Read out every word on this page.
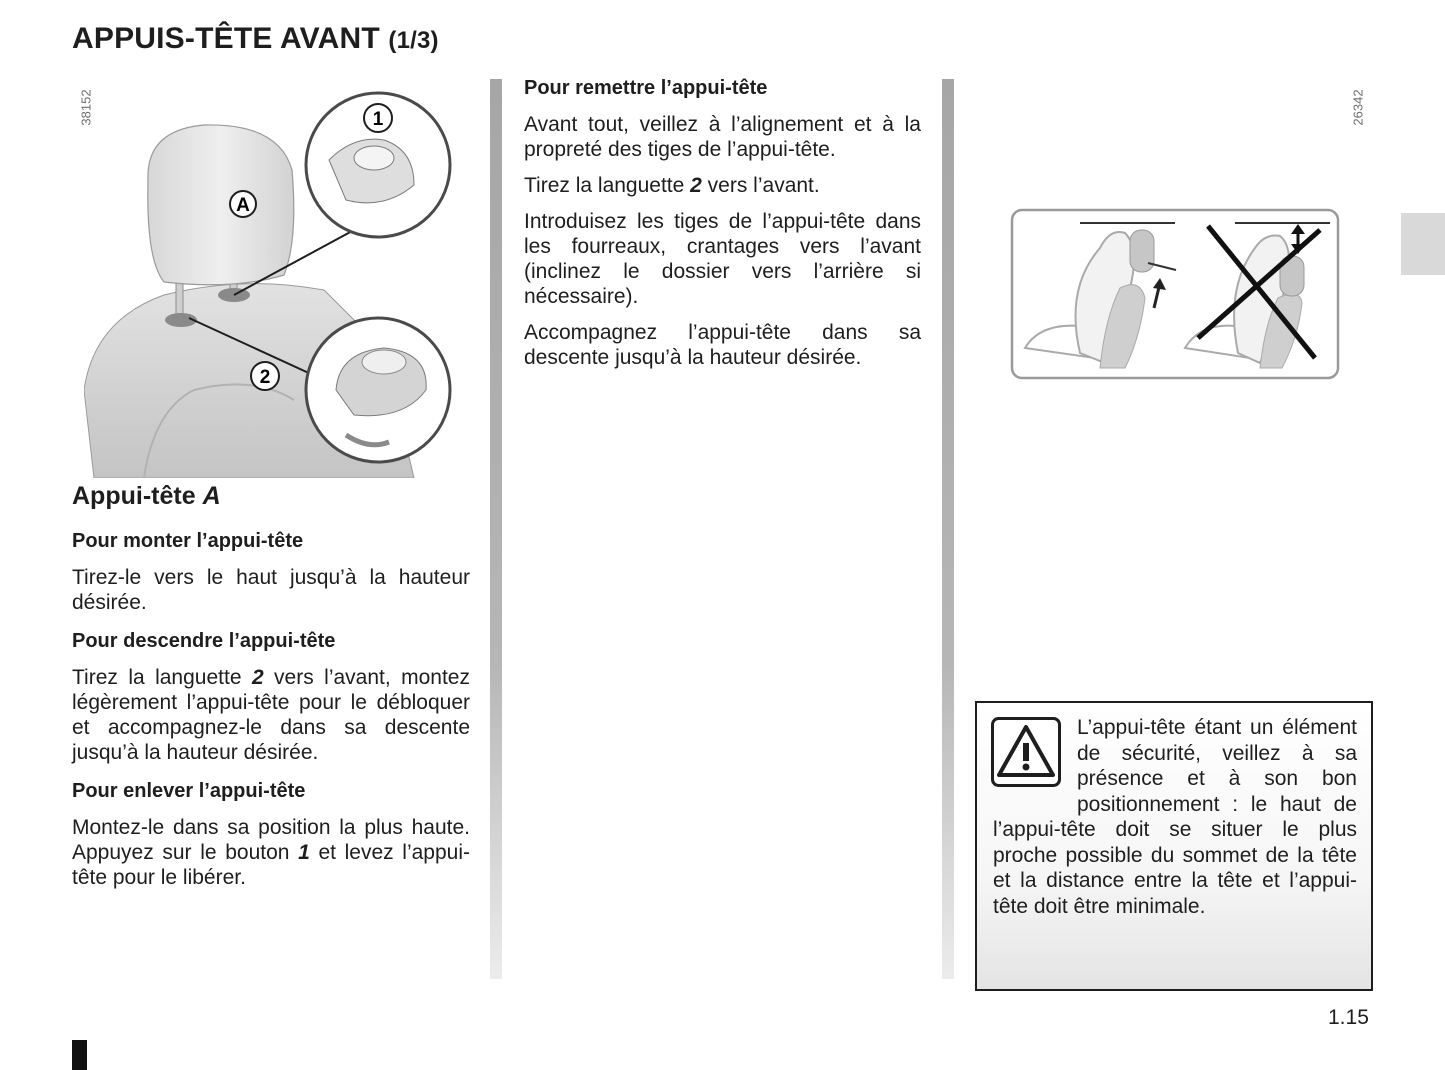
APPUIS-TÊTE AVANT (1/3)
38152
A
1
2
Appui-tête A
Pour monter l’appui-tête

Tirez-le vers le haut jusqu’à la hauteur désirée.

Pour descendre l’appui-tête

Tirez la languette 2 vers l’avant, montez légèrement l’appui-tête pour le débloquer et accompagnez-le dans sa descente jusqu’à la hauteur désirée.

Pour enlever l’appui-tête

Montez-le dans sa position la plus haute. Appuyez sur le bouton 1 et levez l’appui-tête pour le libérer.

Pour remettre l’appui-tête

Avant tout, veillez à l’alignement et à la propreté des tiges de l’appui-tête.

Tirez la languette 2 vers l’avant.

Introduisez les tiges de l’appui-tête dans les fourreaux, crantages vers l’avant (inclinez le dossier vers l’arrière si nécessaire).

Accompagnez l’appui-tête dans sa descente jusqu’à la hauteur désirée.

26342
L’appui-tête étant un élément de sécurité, veillez à sa présence et à son bon positionnement : le haut de l’appui-tête doit se situer le plus proche possible du sommet de la tête et la distance entre la tête et l’appui-tête doit être minimale.
1.15
